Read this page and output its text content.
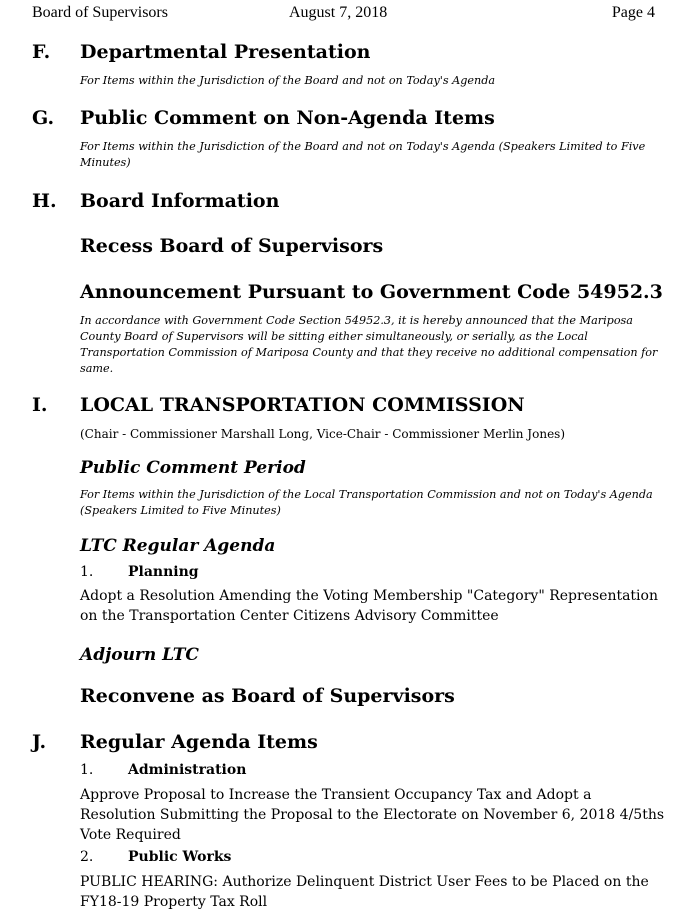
Board of Supervisors	August 7, 2018	Page 4
F. Departmental Presentation
For Items within the Jurisdiction of the Board and not on Today's Agenda
G. Public Comment on Non-Agenda Items
For Items within the Jurisdiction of the Board and not on Today's Agenda (Speakers Limited to Five Minutes)
H. Board Information
Recess Board of Supervisors
Announcement Pursuant to Government Code 54952.3
In accordance with Government Code Section 54952.3, it is hereby announced that the Mariposa County Board of Supervisors will be sitting either simultaneously, or serially, as the Local Transportation Commission of Mariposa County and that they receive no additional compensation for same.
I. LOCAL TRANSPORTATION COMMISSION
(Chair - Commissioner Marshall Long, Vice-Chair - Commissioner Merlin Jones)
Public Comment Period
For Items within the Jurisdiction of the Local Transportation Commission and not on Today's Agenda (Speakers Limited to Five Minutes)
LTC Regular Agenda
1. Planning
Adopt a Resolution Amending the Voting Membership "Category" Representation on the Transportation Center Citizens Advisory Committee
Adjourn LTC
Reconvene as Board of Supervisors
J. Regular Agenda Items
1. Administration
Approve Proposal to Increase the Transient Occupancy Tax and Adopt a Resolution Submitting the Proposal to the Electorate on November 6, 2018 4/5ths Vote Required
2. Public Works
PUBLIC HEARING: Authorize Delinquent District User Fees to be Placed on the FY18-19 Property Tax Roll
